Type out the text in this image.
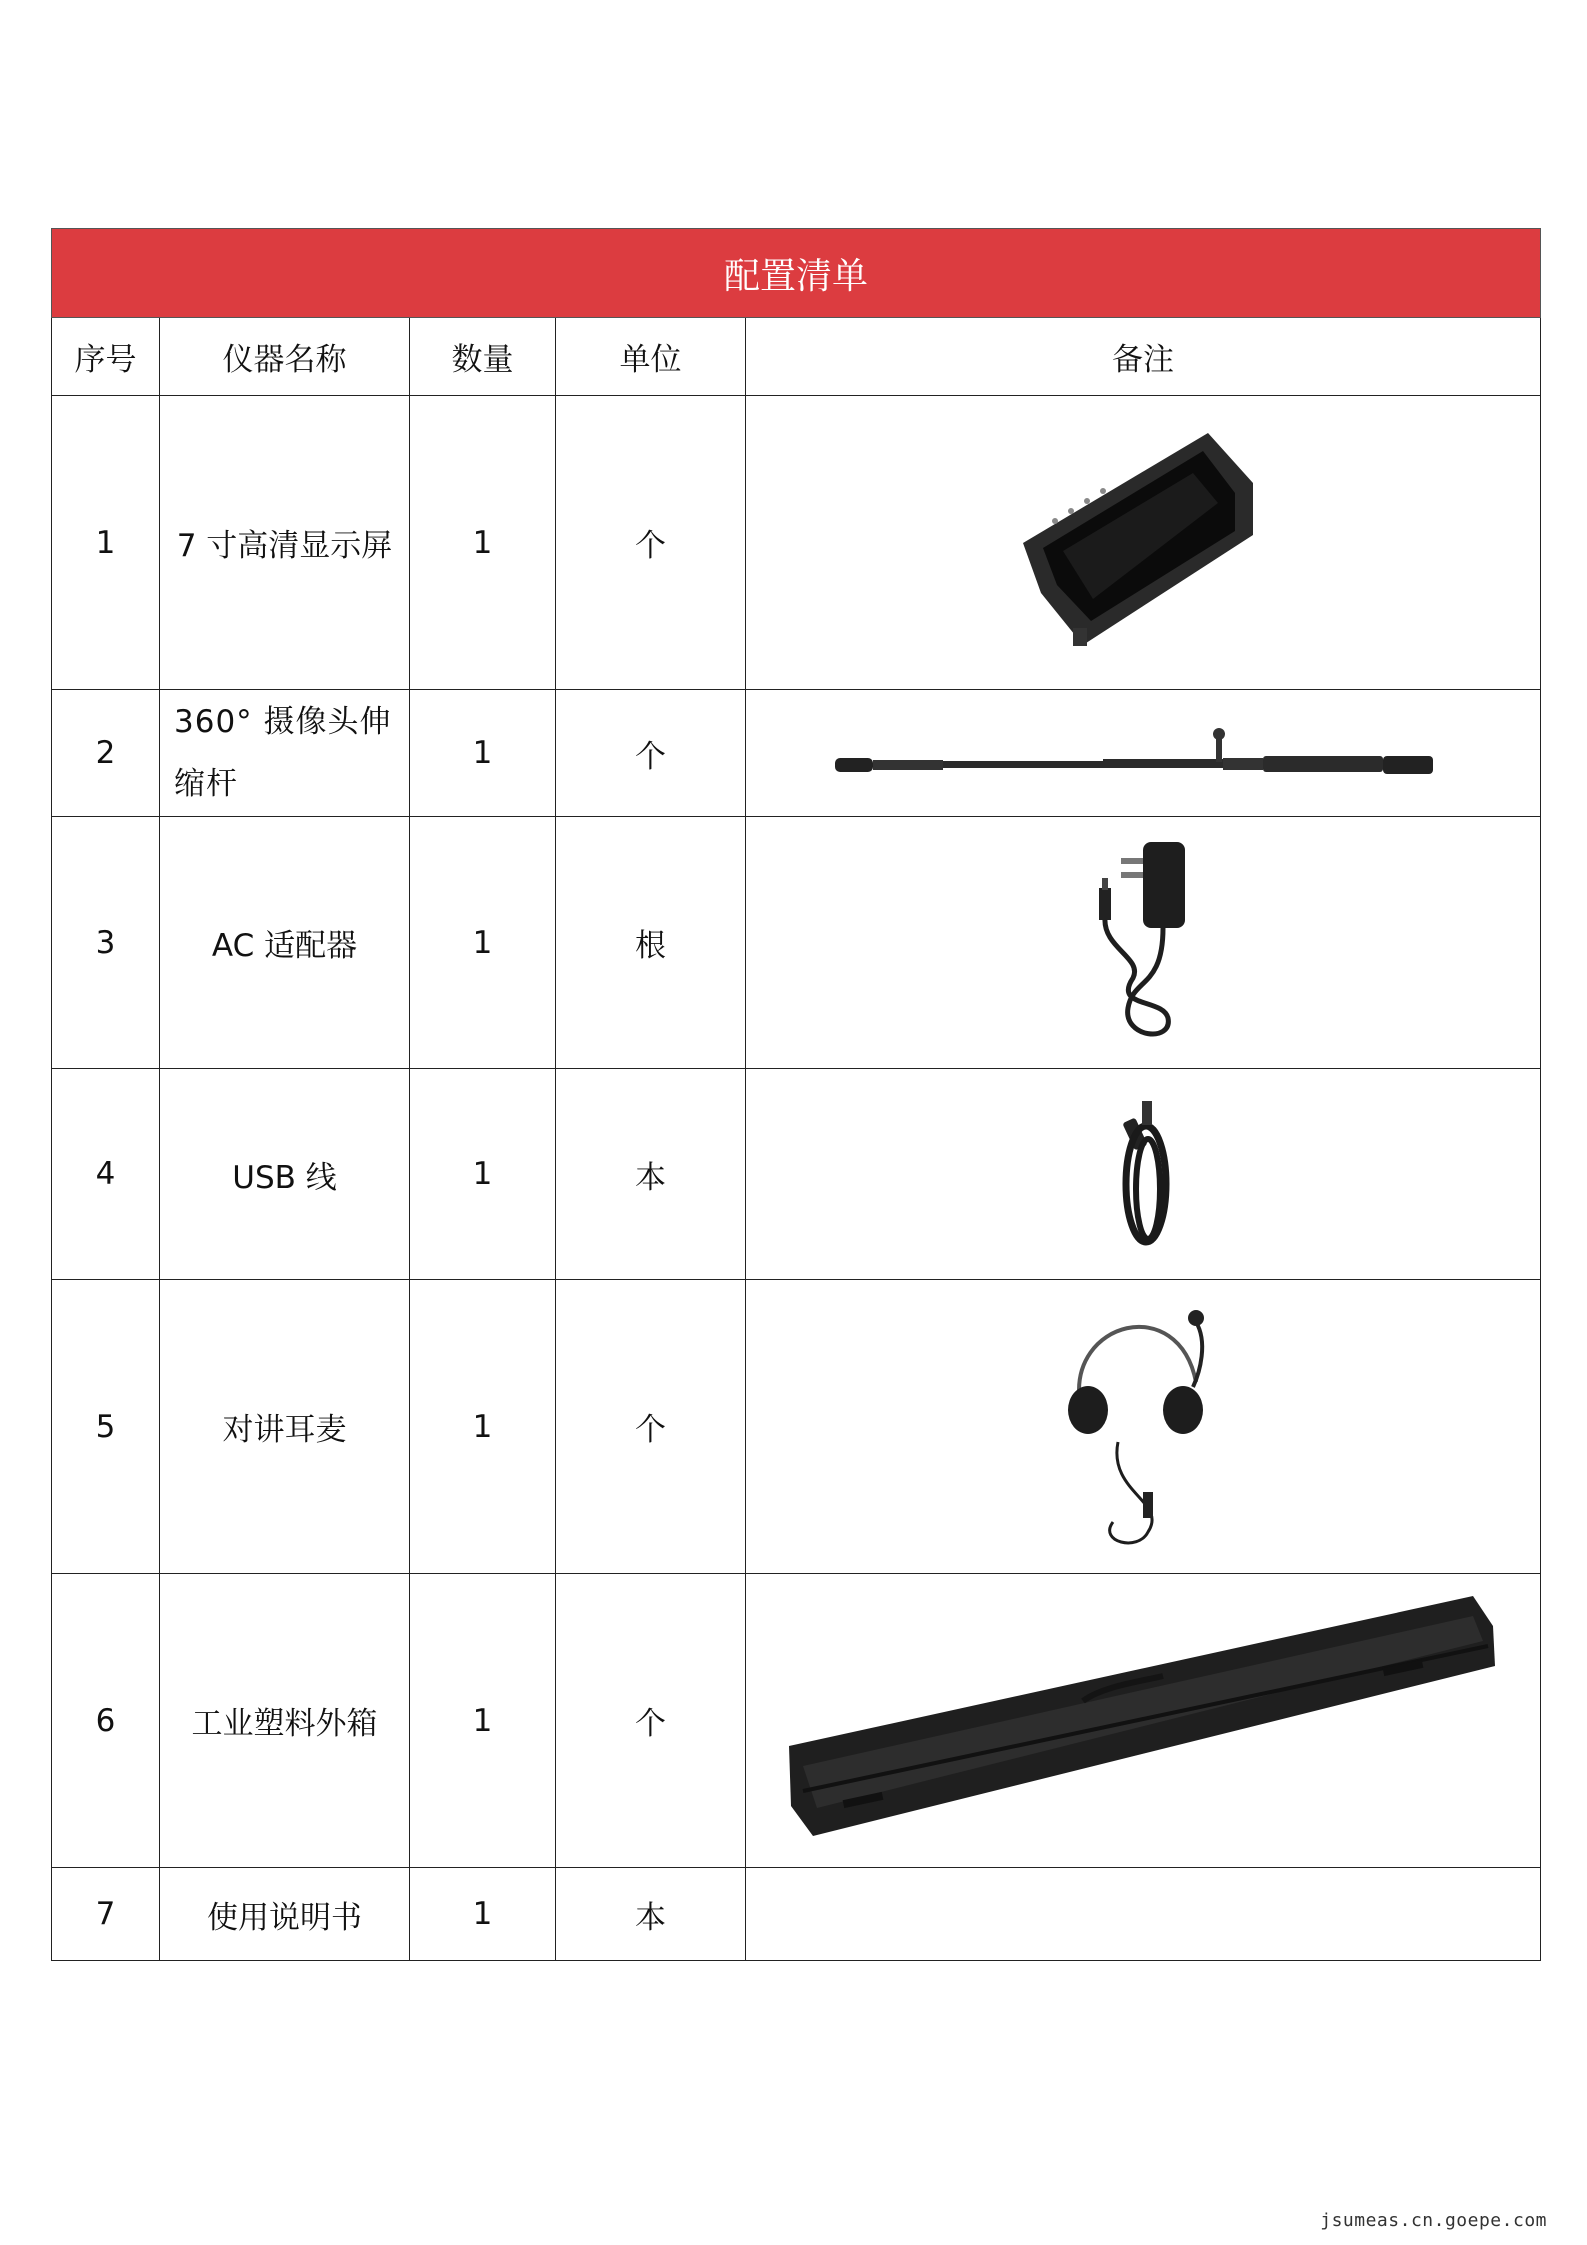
配置清单				
序号	仪器名称	数量	单位	备注
1	7 寸高清显示屏	1	个	

2	360° 摄像头伸缩杆	1	个	

3	AC 适配器	1	根	

4	USB 线	1	本	

5	对讲耳麦	1	个	

6	工业塑料外箱	1	个	

7	使用说明书	1	本	
jsumeas.cn.goepe.com
